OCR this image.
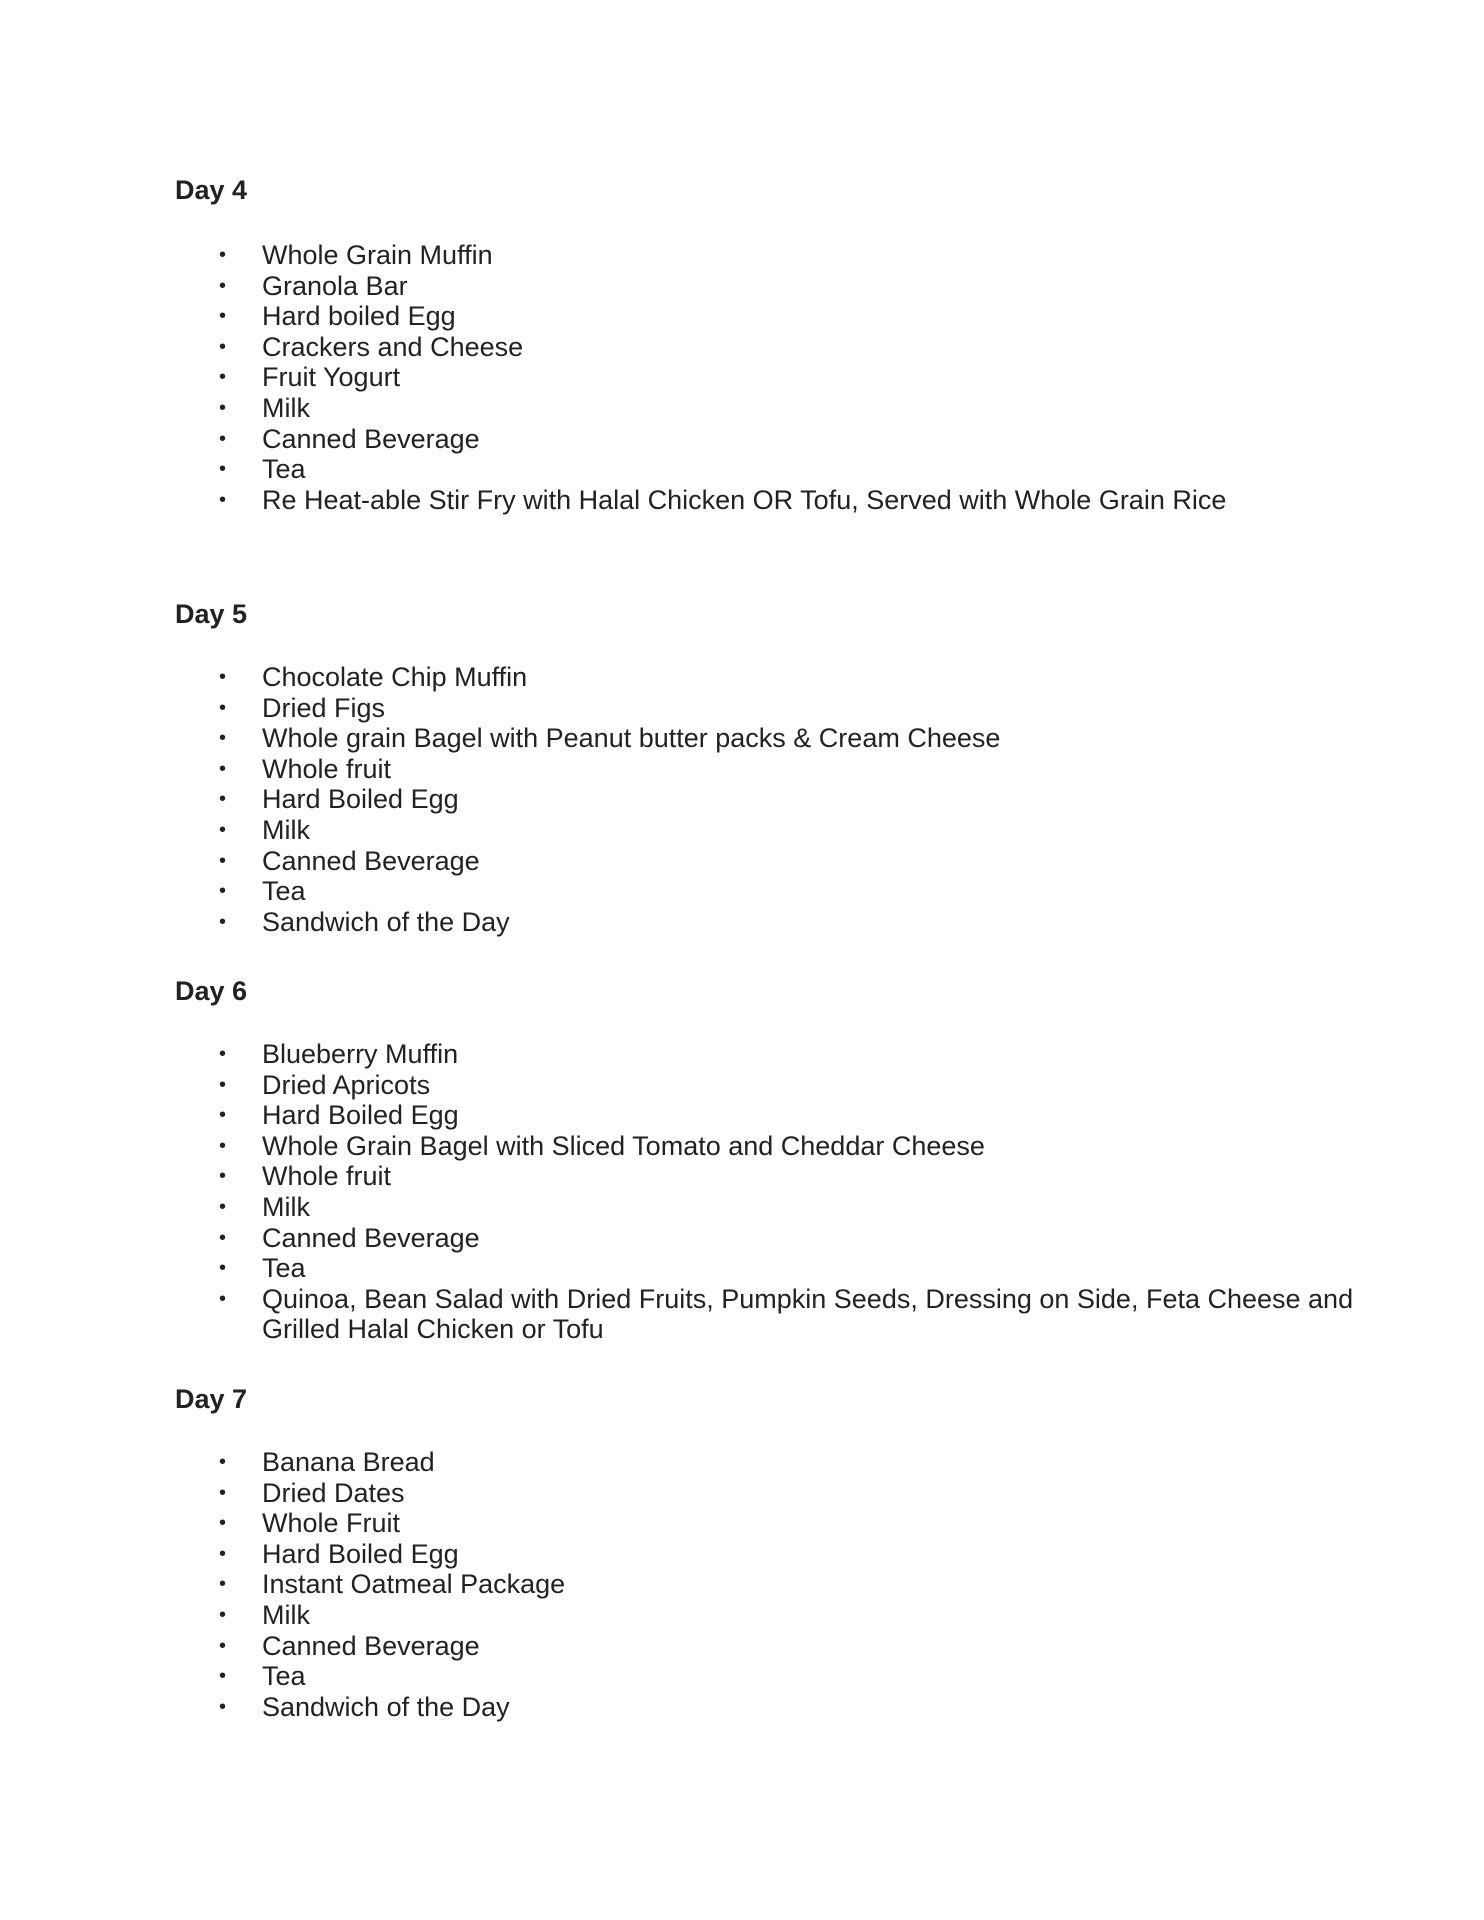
Day 4
• Whole Grain Muffin
• Granola Bar
• Hard boiled Egg
• Crackers and Cheese
• Fruit Yogurt
• Milk
• Canned Beverage
• Tea
• Re Heat-able Stir Fry with Halal Chicken OR Tofu, Served with Whole Grain Rice
Day 5
• Chocolate Chip Muffin
• Dried Figs
• Whole grain Bagel with Peanut butter packs & Cream Cheese
• Whole fruit
• Hard Boiled Egg
• Milk
• Canned Beverage
• Tea
• Sandwich of the Day
Day 6
• Blueberry Muffin
• Dried Apricots
• Hard Boiled Egg
• Whole Grain Bagel with Sliced Tomato and Cheddar Cheese
• Whole fruit
• Milk
• Canned Beverage
• Tea
• Quinoa, Bean Salad with Dried Fruits, Pumpkin Seeds, Dressing on Side, Feta Cheese and Grilled Halal Chicken or Tofu
Day 7
• Banana Bread
• Dried Dates
• Whole Fruit
• Hard Boiled Egg
• Instant Oatmeal Package
• Milk
• Canned Beverage
• Tea
• Sandwich of the Day
